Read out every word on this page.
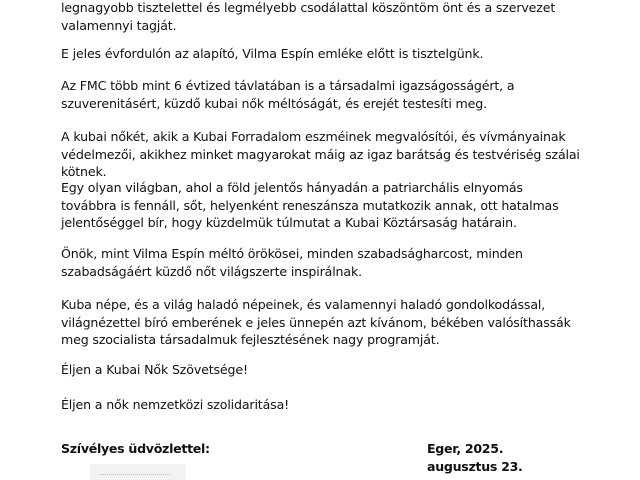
legnagyobb tisztelettel és legmélyebb csodálattal köszöntöm önt és a szervezet valamennyi tagját.

E jeles évfordulón az alapító, Vilma Espín emléke előtt is tisztelgünk.

Az FMC több mint 6 évtized távlatában is a társadalmi igazságosságért, a szuverenitásért, küzdő kubai nők méltóságát, és erejét testesíti meg.

A kubai nőkét, akik a Kubai Forradalom eszméinek megvalósítói, és vívmányainak védelmezői, akikhez minket magyarokat máig az igaz barátság és testvériség szálai kötnek.

Egy olyan világban, ahol a föld jelentős hányadán a patriarchális elnyomás továbbra is fennáll, sőt, helyenként reneszánsza mutatkozik annak, ott hatalmas jelentőséggel bír, hogy küzdelmük túlmutat a Kubai Köztársaság határain.

Önök, mint Vilma Espín méltó örökösei, minden szabadságharcost, minden szabadságáért küzdő nőt világszerte inspirálnak.

Kuba népe, és a világ haladó népeinek, és valamennyi haladó gondolkodással, világnézettel bíró emberének e jeles ünnepén azt kívánom, békében valósíthassák meg szocialista társadalmuk fejlesztésének nagy programját.

Éljen a Kubai Nők Szövetsége!

Éljen a nők nemzetközi szolidaritása!

Szívélyes üdvözlettel:	Eger, 2025. augusztus 23.
